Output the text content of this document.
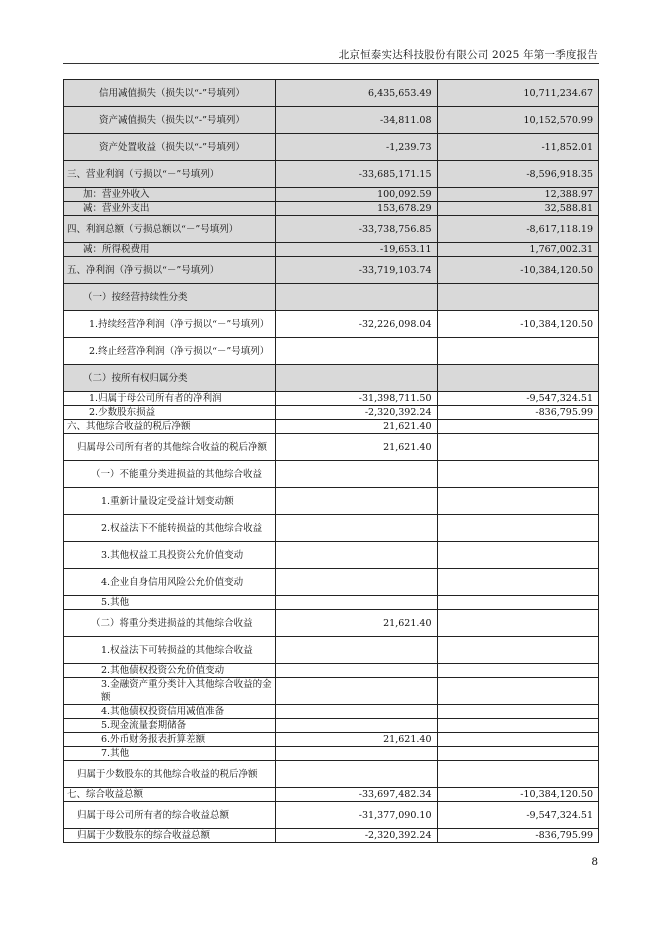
北京恒泰实达科技股份有限公司 2025 年第一季度报告
信用减值损失（损失以“-”号填列）	6,435,653.49	10,711,234.67
资产减值损失（损失以“-”号填列）	-34,811.08	10,152,570.99
资产处置收益（损失以“-”号填列）	-1,239.73	-11,852.01
三、营业利润（亏损以“－”号填列）	-33,685,171.15	-8,596,918.35
加：营业外收入	100,092.59	12,388.97
减：营业外支出	153,678.29	32,588.81
四、利润总额（亏损总额以“－”号填列）	-33,738,756.85	-8,617,118.19
减：所得税费用	-19,653.11	1,767,002.31
五、净利润（净亏损以“－”号填列）	-33,719,103.74	-10,384,120.50
（一）按经营持续性分类		
1.持续经营净利润（净亏损以“－”号填列）	-32,226,098.04	-10,384,120.50
2.终止经营净利润（净亏损以“－”号填列）		
（二）按所有权归属分类		
1.归属于母公司所有者的净利润	-31,398,711.50	-9,547,324.51
2.少数股东损益	-2,320,392.24	-836,795.99
六、其他综合收益的税后净额	21,621.40	
归属母公司所有者的其他综合收益的税后净额	21,621.40	
（一）不能重分类进损益的其他综合收益		
1.重新计量设定受益计划变动额		
2.权益法下不能转损益的其他综合收益		
3.其他权益工具投资公允价值变动		
4.企业自身信用风险公允价值变动		
5.其他		
（二）将重分类进损益的其他综合收益	21,621.40	
1.权益法下可转损益的其他综合收益		
2.其他债权投资公允价值变动		
3.金融资产重分类计入其他综合收益的金额		
4.其他债权投资信用减值准备		
5.现金流量套期储备		
6.外币财务报表折算差额	21,621.40	
7.其他		
归属于少数股东的其他综合收益的税后净额		
七、综合收益总额	-33,697,482.34	-10,384,120.50
归属于母公司所有者的综合收益总额	-31,377,090.10	-9,547,324.51
归属于少数股东的综合收益总额	-2,320,392.24	-836,795.99
8
